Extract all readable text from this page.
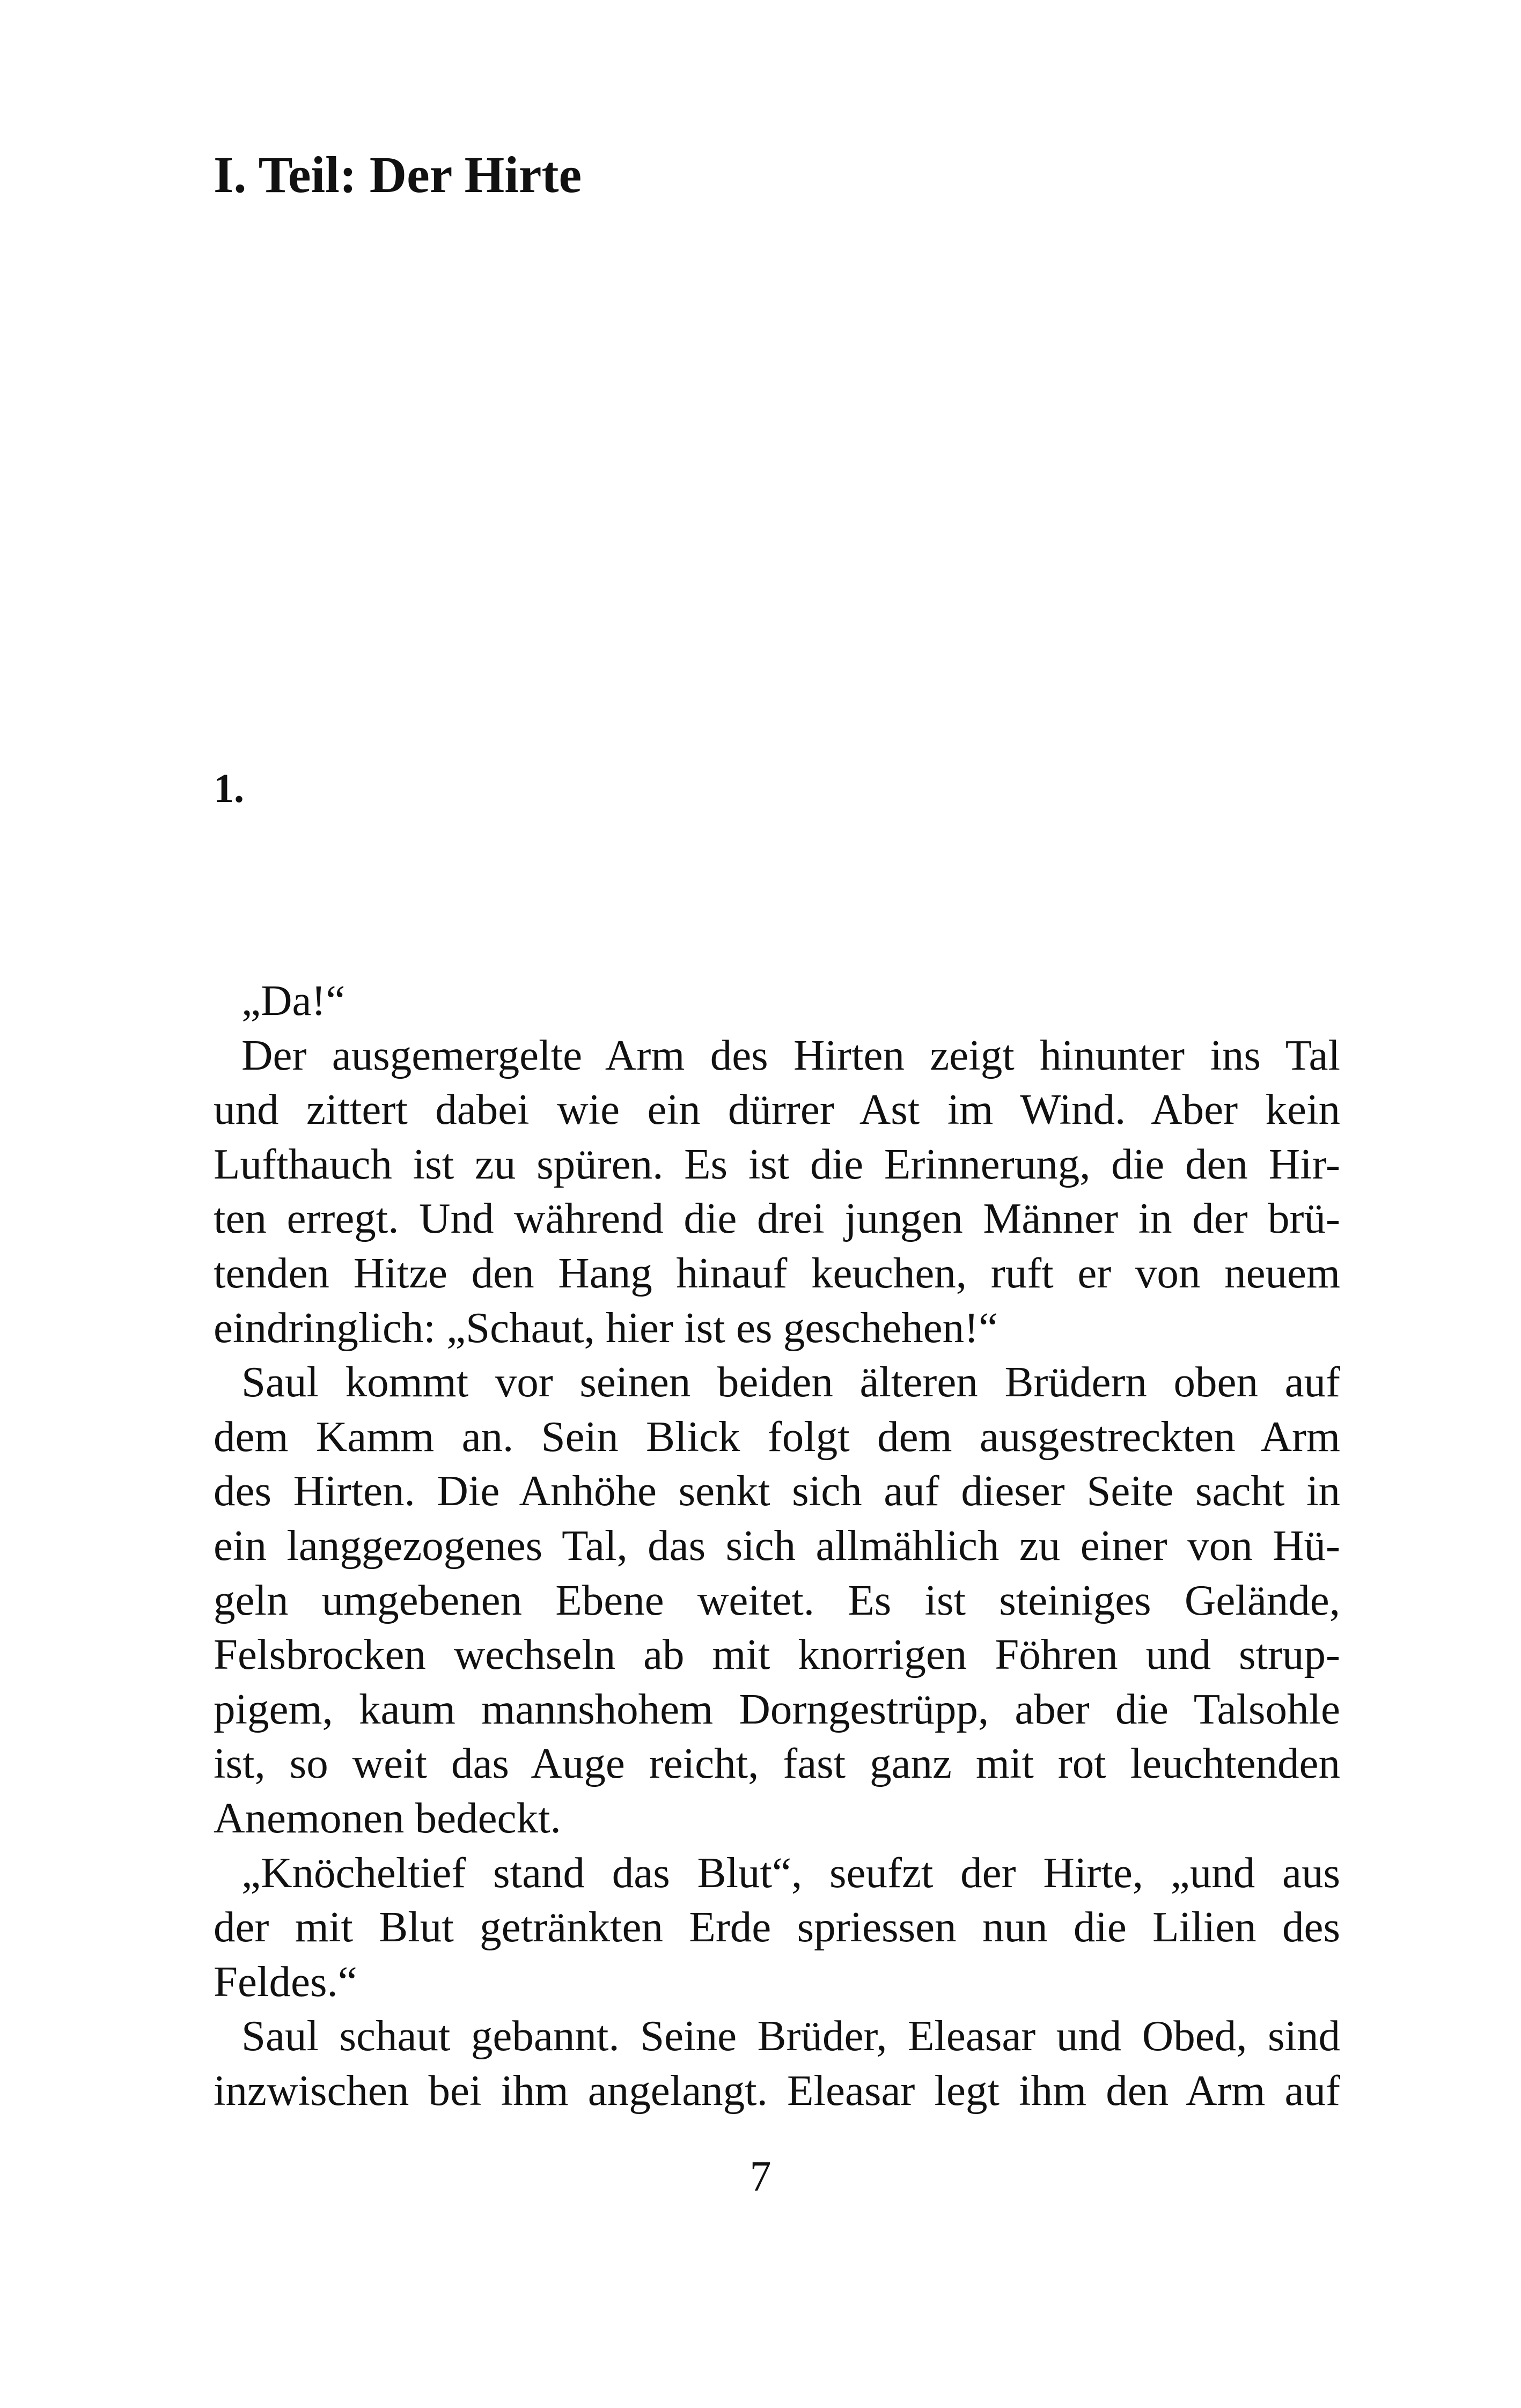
I. Teil: Der Hirte
1.
„Da!“
Der ausgemergelte Arm des Hirten zeigt hinunter ins Tal
und zittert dabei wie ein dürrer Ast im Wind. Aber kein
Lufthauch ist zu spüren. Es ist die Erinnerung, die den Hir-
ten erregt. Und während die drei jungen Männer in der brü-
tenden Hitze den Hang hinauf keuchen, ruft er von neuem
eindringlich: „Schaut, hier ist es geschehen!“
Saul kommt vor seinen beiden älteren Brüdern oben auf
dem Kamm an. Sein Blick folgt dem ausgestreckten Arm
des Hirten. Die Anhöhe senkt sich auf dieser Seite sacht in
ein langgezogenes Tal, das sich allmählich zu einer von Hü-
geln umgebenen Ebene weitet. Es ist steiniges Gelände,
Felsbrocken wechseln ab mit knorrigen Föhren und strup-
pigem, kaum mannshohem Dorngestrüpp, aber die Talsohle
ist, so weit das Auge reicht, fast ganz mit rot leuchtenden
Anemonen bedeckt.
„Knöcheltief stand das Blut“, seufzt der Hirte, „und aus
der mit Blut getränkten Erde spriessen nun die Lilien des
Feldes.“
Saul schaut gebannt. Seine Brüder, Eleasar und Obed, sind
inzwischen bei ihm angelangt. Eleasar legt ihm den Arm auf
7
